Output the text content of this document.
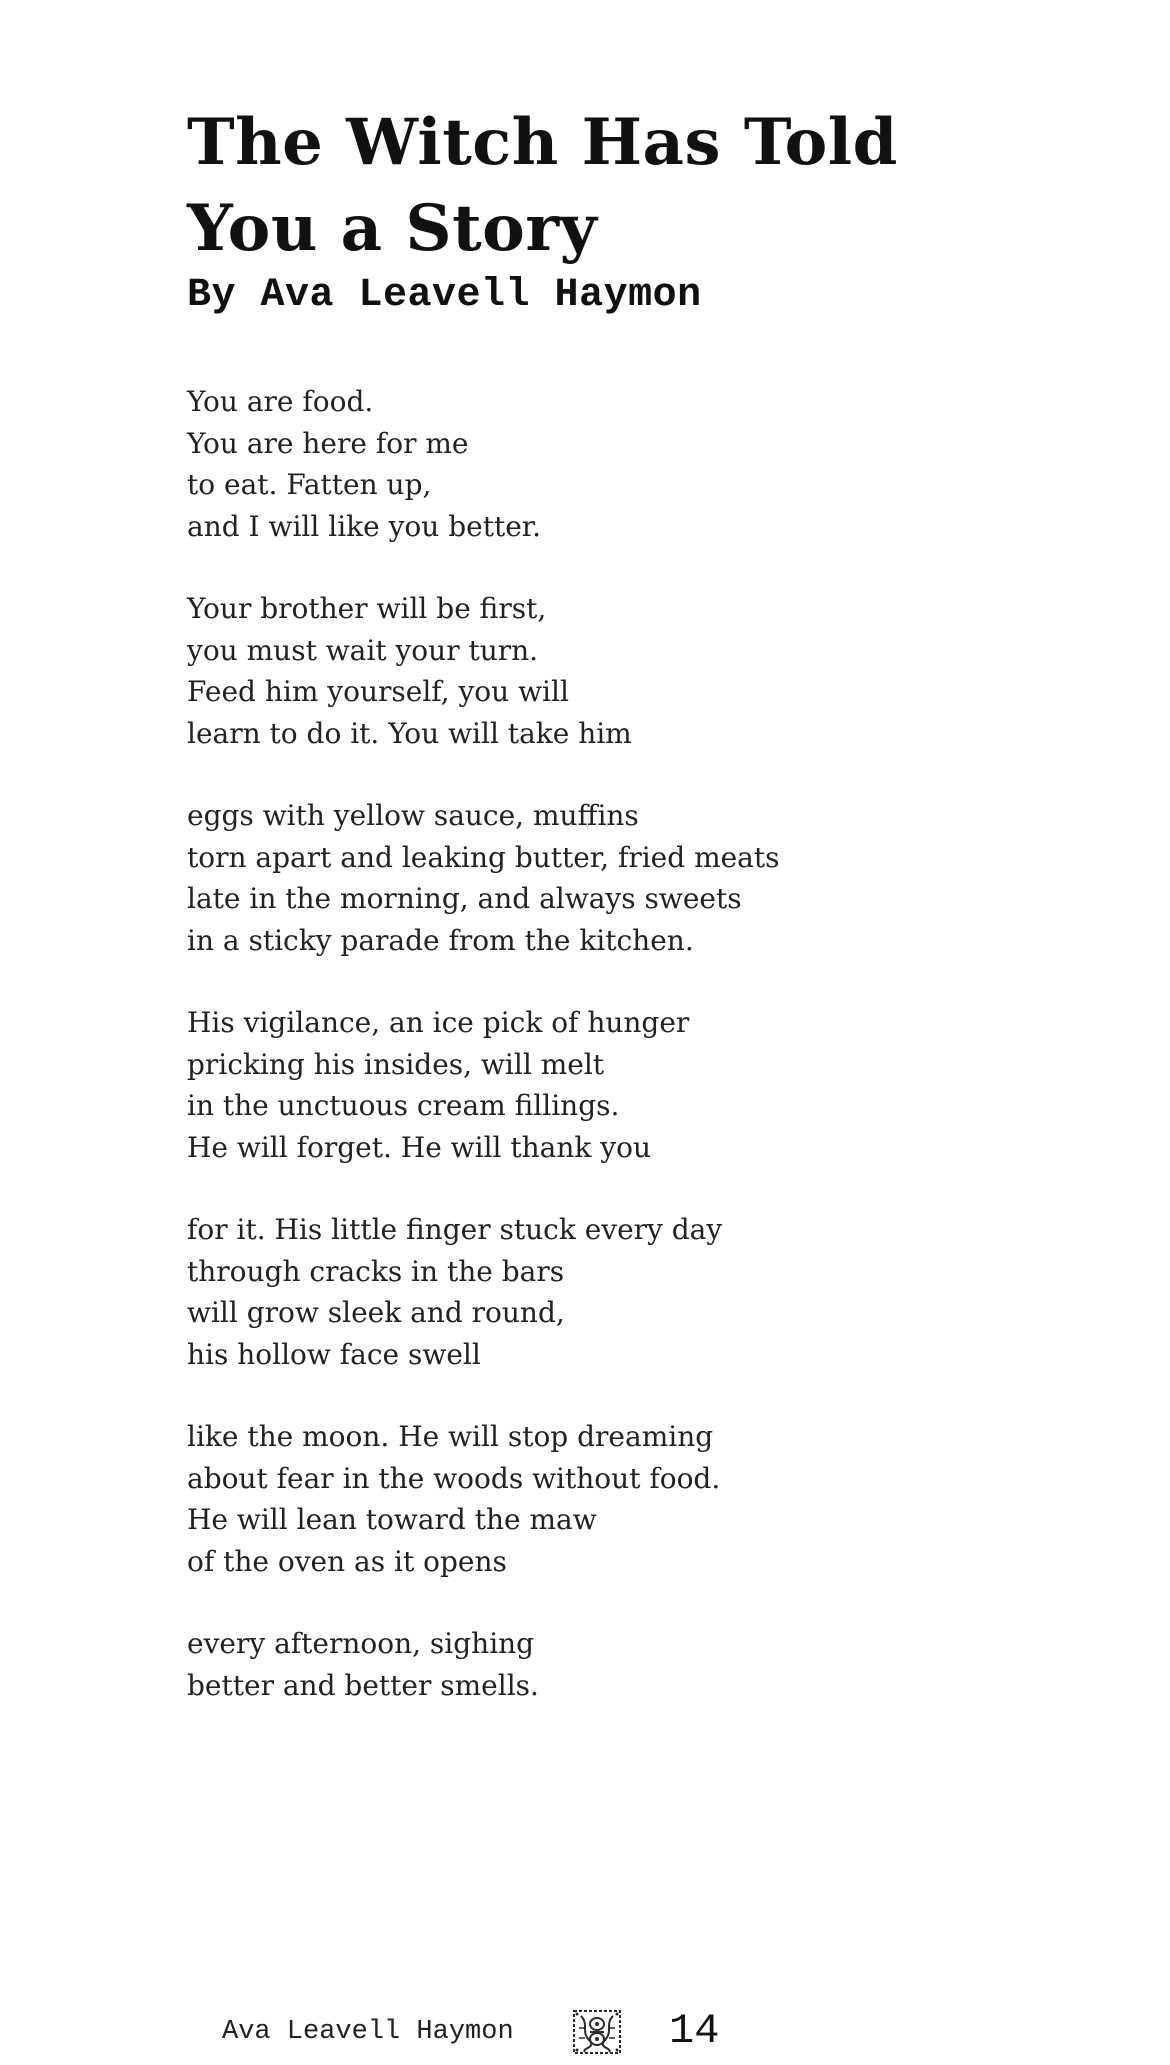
The Witch Has Told
You a Story
By Ava Leavell Haymon
You are food.
You are here for me
to eat. Fatten up,
and I will like you better.
Your brother will be first,
you must wait your turn.
Feed him yourself, you will
learn to do it. You will take him
eggs with yellow sauce, muffins
torn apart and leaking butter, fried meats
late in the morning, and always sweets
in a sticky parade from the kitchen.
His vigilance, an ice pick of hunger
pricking his insides, will melt
in the unctuous cream fillings.
He will forget. He will thank you
for it. His little finger stuck every day
through cracks in the bars
will grow sleek and round,
his hollow face swell
like the moon. He will stop dreaming
about fear in the woods without food.
He will lean toward the maw
of the oven as it opens
every afternoon, sighing
better and better smells.
Ava Leavell Haymon	14
